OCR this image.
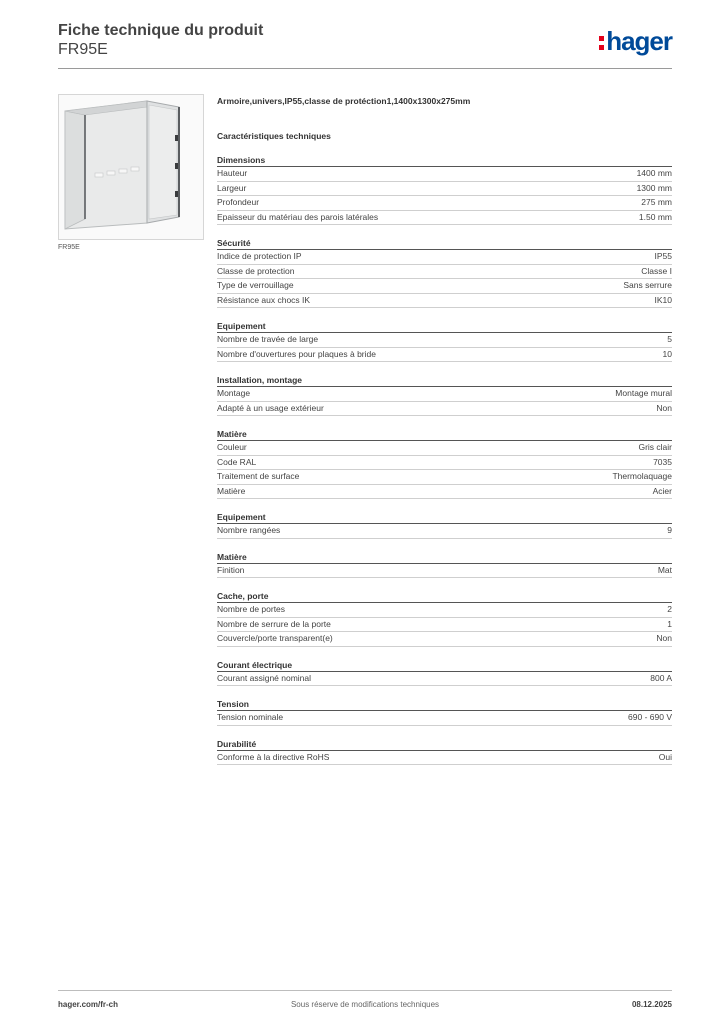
Fiche technique du produit
FR95E	hager
FR95E
Armoire,univers,IP55,classe de protéction1,1400x1300x275mm
Caractéristiques techniques
Dimensions
Hauteur	1400 mm
Largeur	1300 mm
Profondeur	275 mm
Epaisseur du matériau des parois latérales	1.50 mm
Sécurité
Indice de protection IP	IP55
Classe de protection	Classe I
Type de verrouillage	Sans serrure
Résistance aux chocs IK	IK10
Equipement
Nombre de travée de large	5
Nombre d'ouvertures pour plaques à bride	10
Installation, montage
Montage	Montage mural
Adapté à un usage extérieur	Non
Matière
Couleur	Gris clair
Code RAL	7035
Traitement de surface	Thermolaquage
Matière	Acier
Equipement
Nombre rangées	9
Matière
Finition	Mat
Cache, porte
Nombre de portes	2
Nombre de serrure de la porte	1
Couvercle/porte transparent(e)	Non
Courant électrique
Courant assigné nominal	800 A
Tension
Tension nominale	690 - 690 V
Durabilité
Conforme à la directive RoHS	Oui
hager.com/fr-ch	Sous réserve de modifications techniques	08.12.2025
